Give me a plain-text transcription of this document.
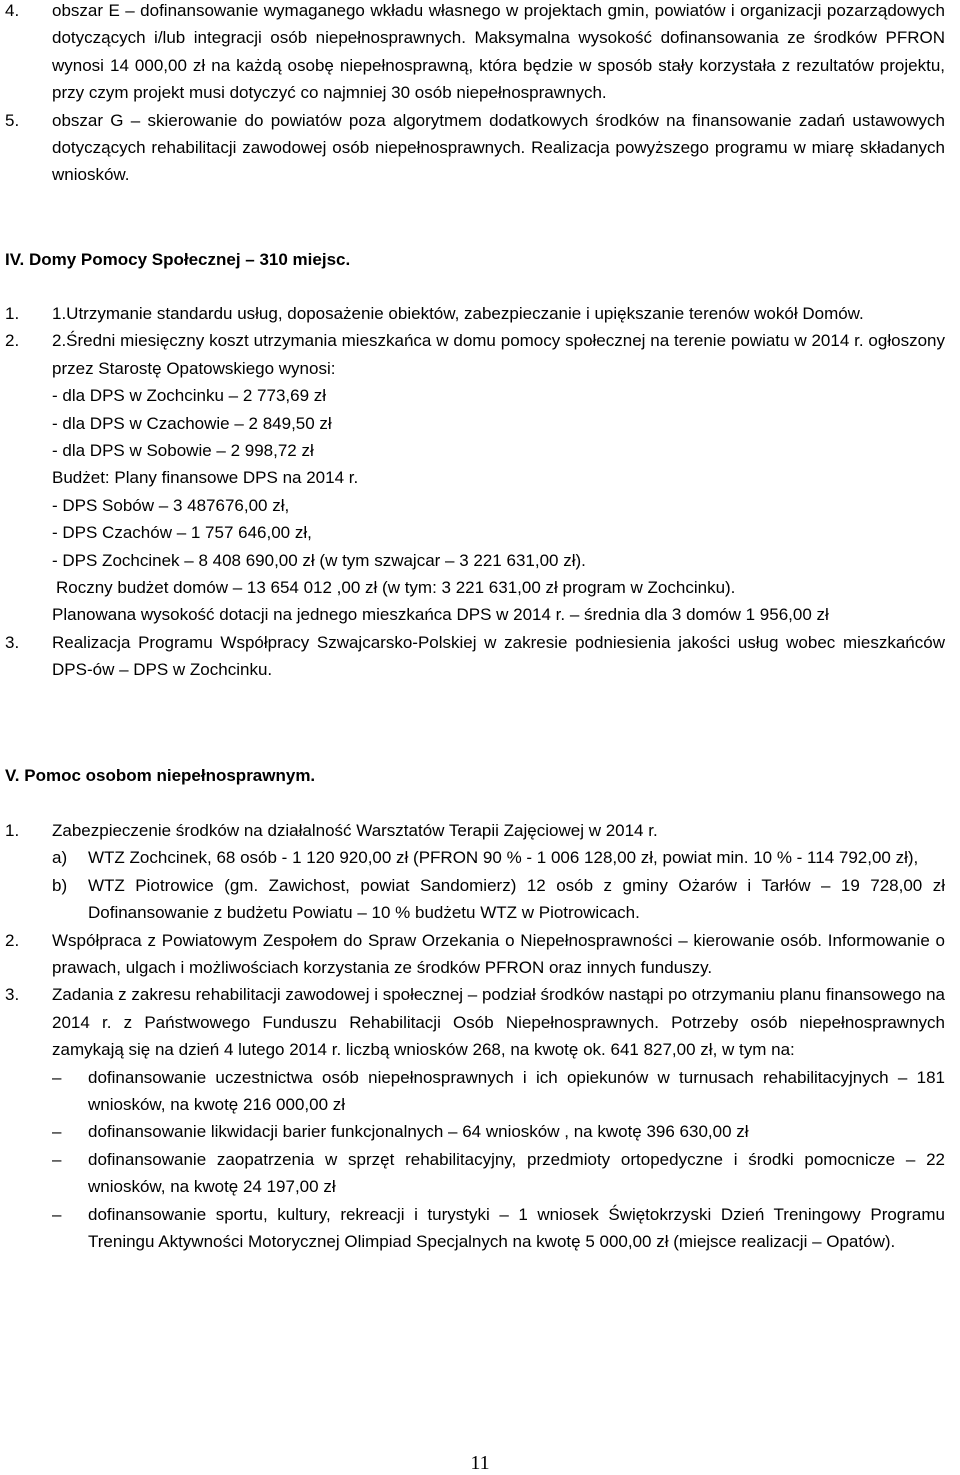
4. obszar E – dofinansowanie wymaganego wkładu własnego w projektach gmin, powiatów i organizacji pozarządowych dotyczących i/lub integracji osób niepełnosprawnych. Maksymalna wysokość dofinansowania ze środków PFRON wynosi 14 000,00 zł na każdą osobę niepełnosprawną, która będzie w sposób stały korzystała z rezultatów projektu, przy czym projekt musi dotyczyć co najmniej 30 osób niepełnosprawnych.
5. obszar G – skierowanie do powiatów poza algorytmem dodatkowych środków na finansowanie zadań ustawowych dotyczących rehabilitacji zawodowej osób niepełnosprawnych. Realizacja powyższego programu w miarę składanych wniosków.
IV. Domy Pomocy Społecznej – 310 miejsc.
1. 1.Utrzymanie standardu usług, doposażenie obiektów, zabezpieczanie i upiększanie terenów wokół Domów.
2. 2.Średni miesięczny koszt utrzymania mieszkańca w domu pomocy społecznej na terenie powiatu w 2014 r. ogłoszony przez Starostę Opatowskiego wynosi:
- dla DPS w Zochcinku – 2 773,69 zł
- dla DPS w Czachowie – 2 849,50 zł
- dla DPS w Sobowie – 2 998,72 zł
Budżet: Plany finansowe DPS na 2014 r.
- DPS Sobów – 3 487676,00 zł,
- DPS Czachów – 1 757 646,00 zł,
- DPS Zochcinek – 8 408 690,00 zł (w tym szwajcar – 3 221 631,00 zł).
Roczny budżet domów – 13 654 012 ,00 zł (w tym: 3 221 631,00 zł program w Zochcinku).
Planowana wysokość dotacji na jednego mieszkańca DPS w 2014 r. – średnia dla 3 domów 1 956,00 zł
3. Realizacja Programu Współpracy Szwajcarsko-Polskiej w zakresie podniesienia jakości usług wobec mieszkańców DPS-ów – DPS w Zochcinku.
V. Pomoc osobom niepełnosprawnym.
1. Zabezpieczenie środków na działalność Warsztatów Terapii Zajęciowej w 2014 r.
a) WTZ Zochcinek, 68 osób - 1 120 920,00 zł (PFRON 90 % - 1 006 128,00 zł, powiat min. 10 % - 114 792,00 zł),
b) WTZ Piotrowice (gm. Zawichost, powiat Sandomierz) 12 osób z gminy Ożarów i Tarłów – 19 728,00 zł Dofinansowanie z budżetu Powiatu – 10 % budżetu WTZ w Piotrowicach.
2. Współpraca z Powiatowym Zespołem do Spraw Orzekania o Niepełnosprawności – kierowanie osób. Informowanie o prawach, ulgach i możliwościach korzystania ze środków PFRON oraz innych funduszy.
3. Zadania z zakresu rehabilitacji zawodowej i społecznej – podział środków nastąpi po otrzymaniu planu finansowego na 2014 r. z Państwowego Funduszu Rehabilitacji Osób Niepełnosprawnych. Potrzeby osób niepełnosprawnych zamykają się na dzień 4 lutego 2014 r. liczbą wniosków 268, na kwotę ok. 641 827,00 zł, w tym na:
– dofinansowanie uczestnictwa osób niepełnosprawnych i ich opiekunów w turnusach rehabilitacyjnych – 181 wniosków, na kwotę 216 000,00 zł
– dofinansowanie likwidacji barier funkcjonalnych – 64 wniosków , na kwotę 396 630,00 zł
– dofinansowanie zaopatrzenia w sprzęt rehabilitacyjny, przedmioty ortopedyczne i środki pomocnicze – 22 wniosków, na kwotę 24 197,00 zł
– dofinansowanie sportu, kultury, rekreacji i turystyki – 1 wniosek Świętokrzyski Dzień Treningowy Programu Treningu Aktywności Motorycznej Olimpiad Specjalnych na kwotę 5 000,00 zł (miejsce realizacji – Opatów).
11
